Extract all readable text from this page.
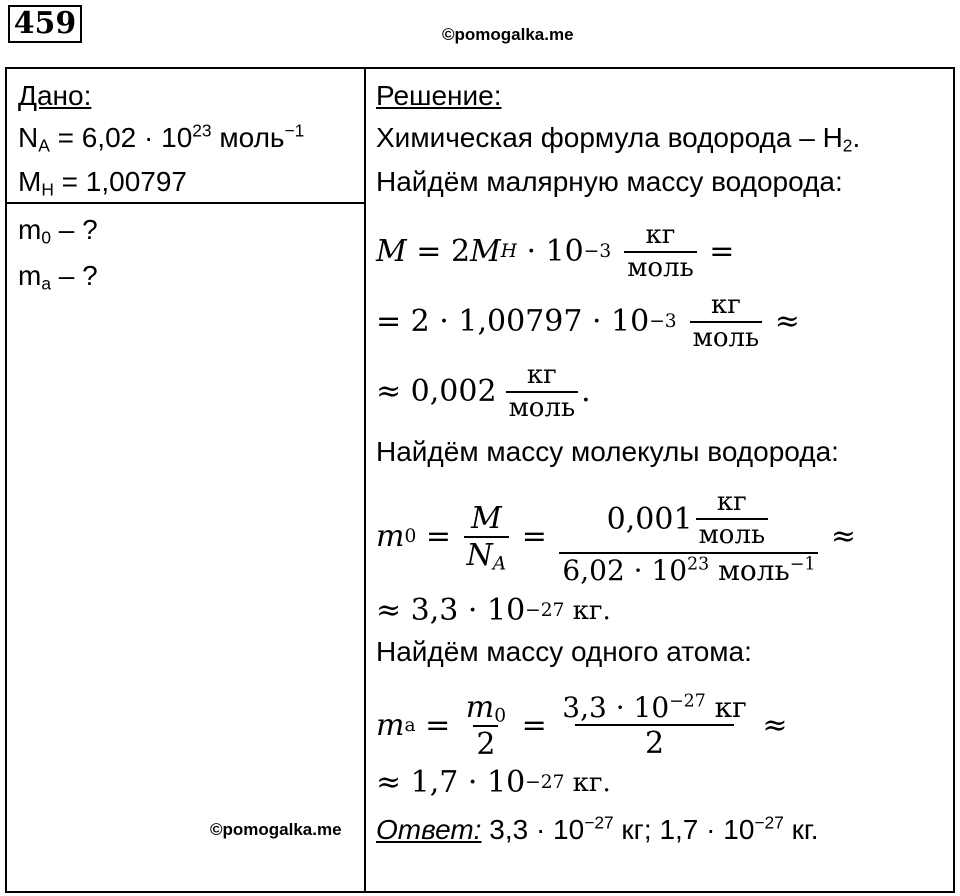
459	©pomogalka.me
Дано:
$N_A = 6,02 \cdot 10^{23}$ моль$^{-1}$
$M_H = 1,00797$
$m_0$ – ?
$m_a$ – ?
Решение:
Химическая формула водорода – $H_2$.
Найдём малярную массу водорода:
M = 2 M $H \cdot 10 -3 \frac{кг}{\text{моль}}$ =
= $2 \cdot 1,00797 \cdot 10 -3 \frac{кг}{\text{моль}}$ ≈
≈ $0,002 \frac{кг}{\text{моль}}$ .
Найдём массу молекулы водорода:
m $0 = \frac{M}{N_A} = \frac{0,001 \frac{кг}{\text{моль}}}{6,02 \cdot 10^{23} моль^{-1}}$ ≈
≈ 3,3 · 10 −27 кг.
Найдём массу одного атома:
m $a = \frac{m_0}{2} = \frac{3,3 \cdot 10^{-27} кг}{2}$ ≈
≈ 1,7 · 10 −27 кг.
Ответ: $3,3 \cdot 10^{-27}$ кг; $1,7 \cdot 10^{-27}$ кг.
©pomogalka.me
